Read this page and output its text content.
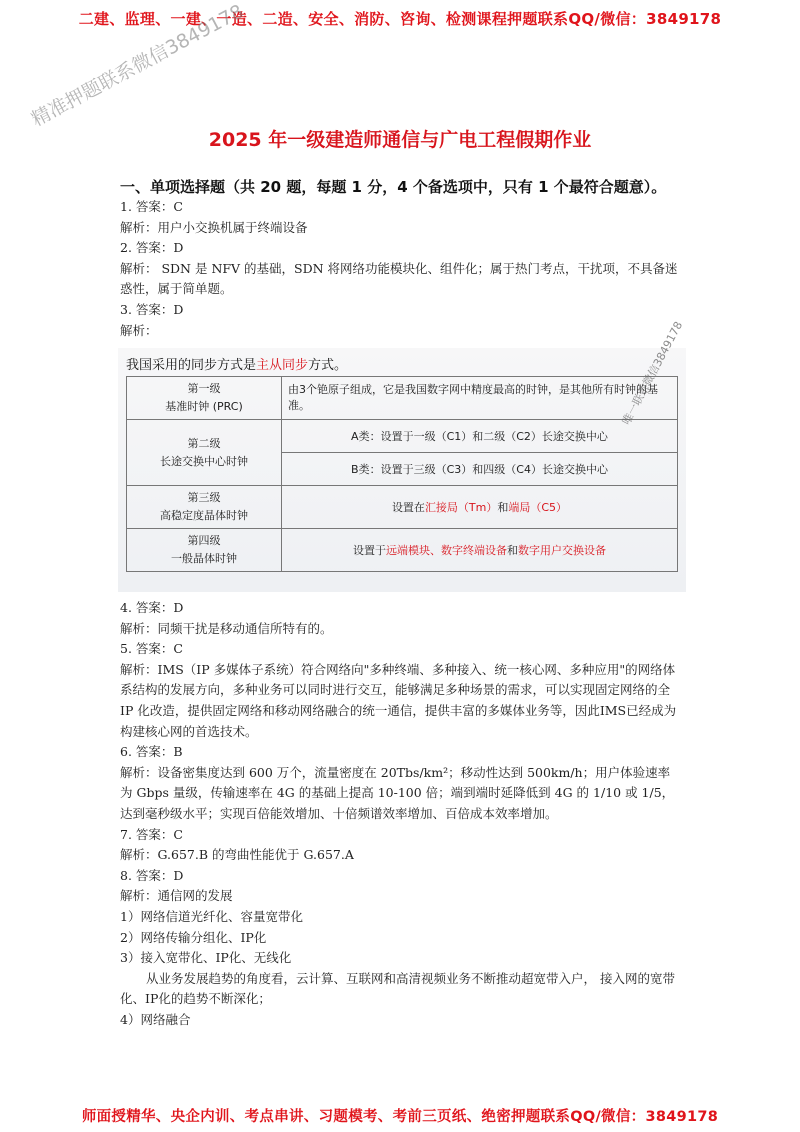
二建、监理、一建、一造、二造、安全、消防、咨询、检测课程押题联系QQ/微信：3849178
精准押题联系微信3849178
2025 年一级建造师通信与广电工程假期作业
一、单项选择题（共 20 题，每题 1 分，4 个备选项中，只有 1 个最符合题意）。

1. 答案：C

解析：用户小交换机属于终端设备

2. 答案：D

解析： SDN 是 NFV 的基础，SDN 将网络功能模块化、组件化；属于热门考点，干扰项，不具备迷惑性，属于简单题。

3. 答案：D

解析：

我国采用的同步方式是主从同步方式。
第一级
基准时钟 (PRC)	由3个铯原子组成，它是我国数字网中精度最高的时钟，是其他所有时钟的基准。

第二级
长途交换中心时钟	A类：设置于一级（C1）和二级（C2）长途交换中心
	B类：设置于三级（C3）和四级（C4）长途交换中心

第三级
高稳定度晶体时钟	设置在汇接局（Tm）和端局（C5）

第四级
一般晶体时钟	设置于远端模块、数字终端设备和数字用户交换设备
唯一联系微信3849178

4. 答案：D

解析：同频干扰是移动通信所特有的。

5. 答案：C

解析：IMS（IP 多媒体子系统）符合网络向"多种终端、多种接入、统一核心网、多种应用"的网络体系结构的发展方向，多种业务可以同时进行交互，能够满足多种场景的需求，可以实现固定网络的全IP 化改造，提供固定网络和移动网络融合的统一通信，提供丰富的多媒体业务等，因此IMS已经成为构建核心网的首选技术。

6. 答案：B

解析：设备密集度达到 600 万个，流量密度在 20Tbs/km²；移动性达到 500km/h；用户体验速率为 Gbps 量级，传输速率在 4G 的基础上提高 10-100 倍；端到端时延降低到 4G 的 1/10 或 1/5，达到毫秒级水平；实现百倍能效增加、十倍频谱效率增加、百倍成本效率增加。

7. 答案：C

解析：G.657.B 的弯曲性能优于 G.657.A

8. 答案：D

解析：通信网的发展

1）网络信道光纤化、容量宽带化

2）网络传输分组化、IP化

3）接入宽带化、IP化、无线化

从业务发展趋势的角度看，云计算、互联网和高清视频业务不断推动超宽带入户， 接入网的宽带化、IP化的趋势不断深化；

4）网络融合

师面授精华、央企内训、考点串讲、习题模考、考前三页纸、绝密押题联系QQ/微信：3849178
